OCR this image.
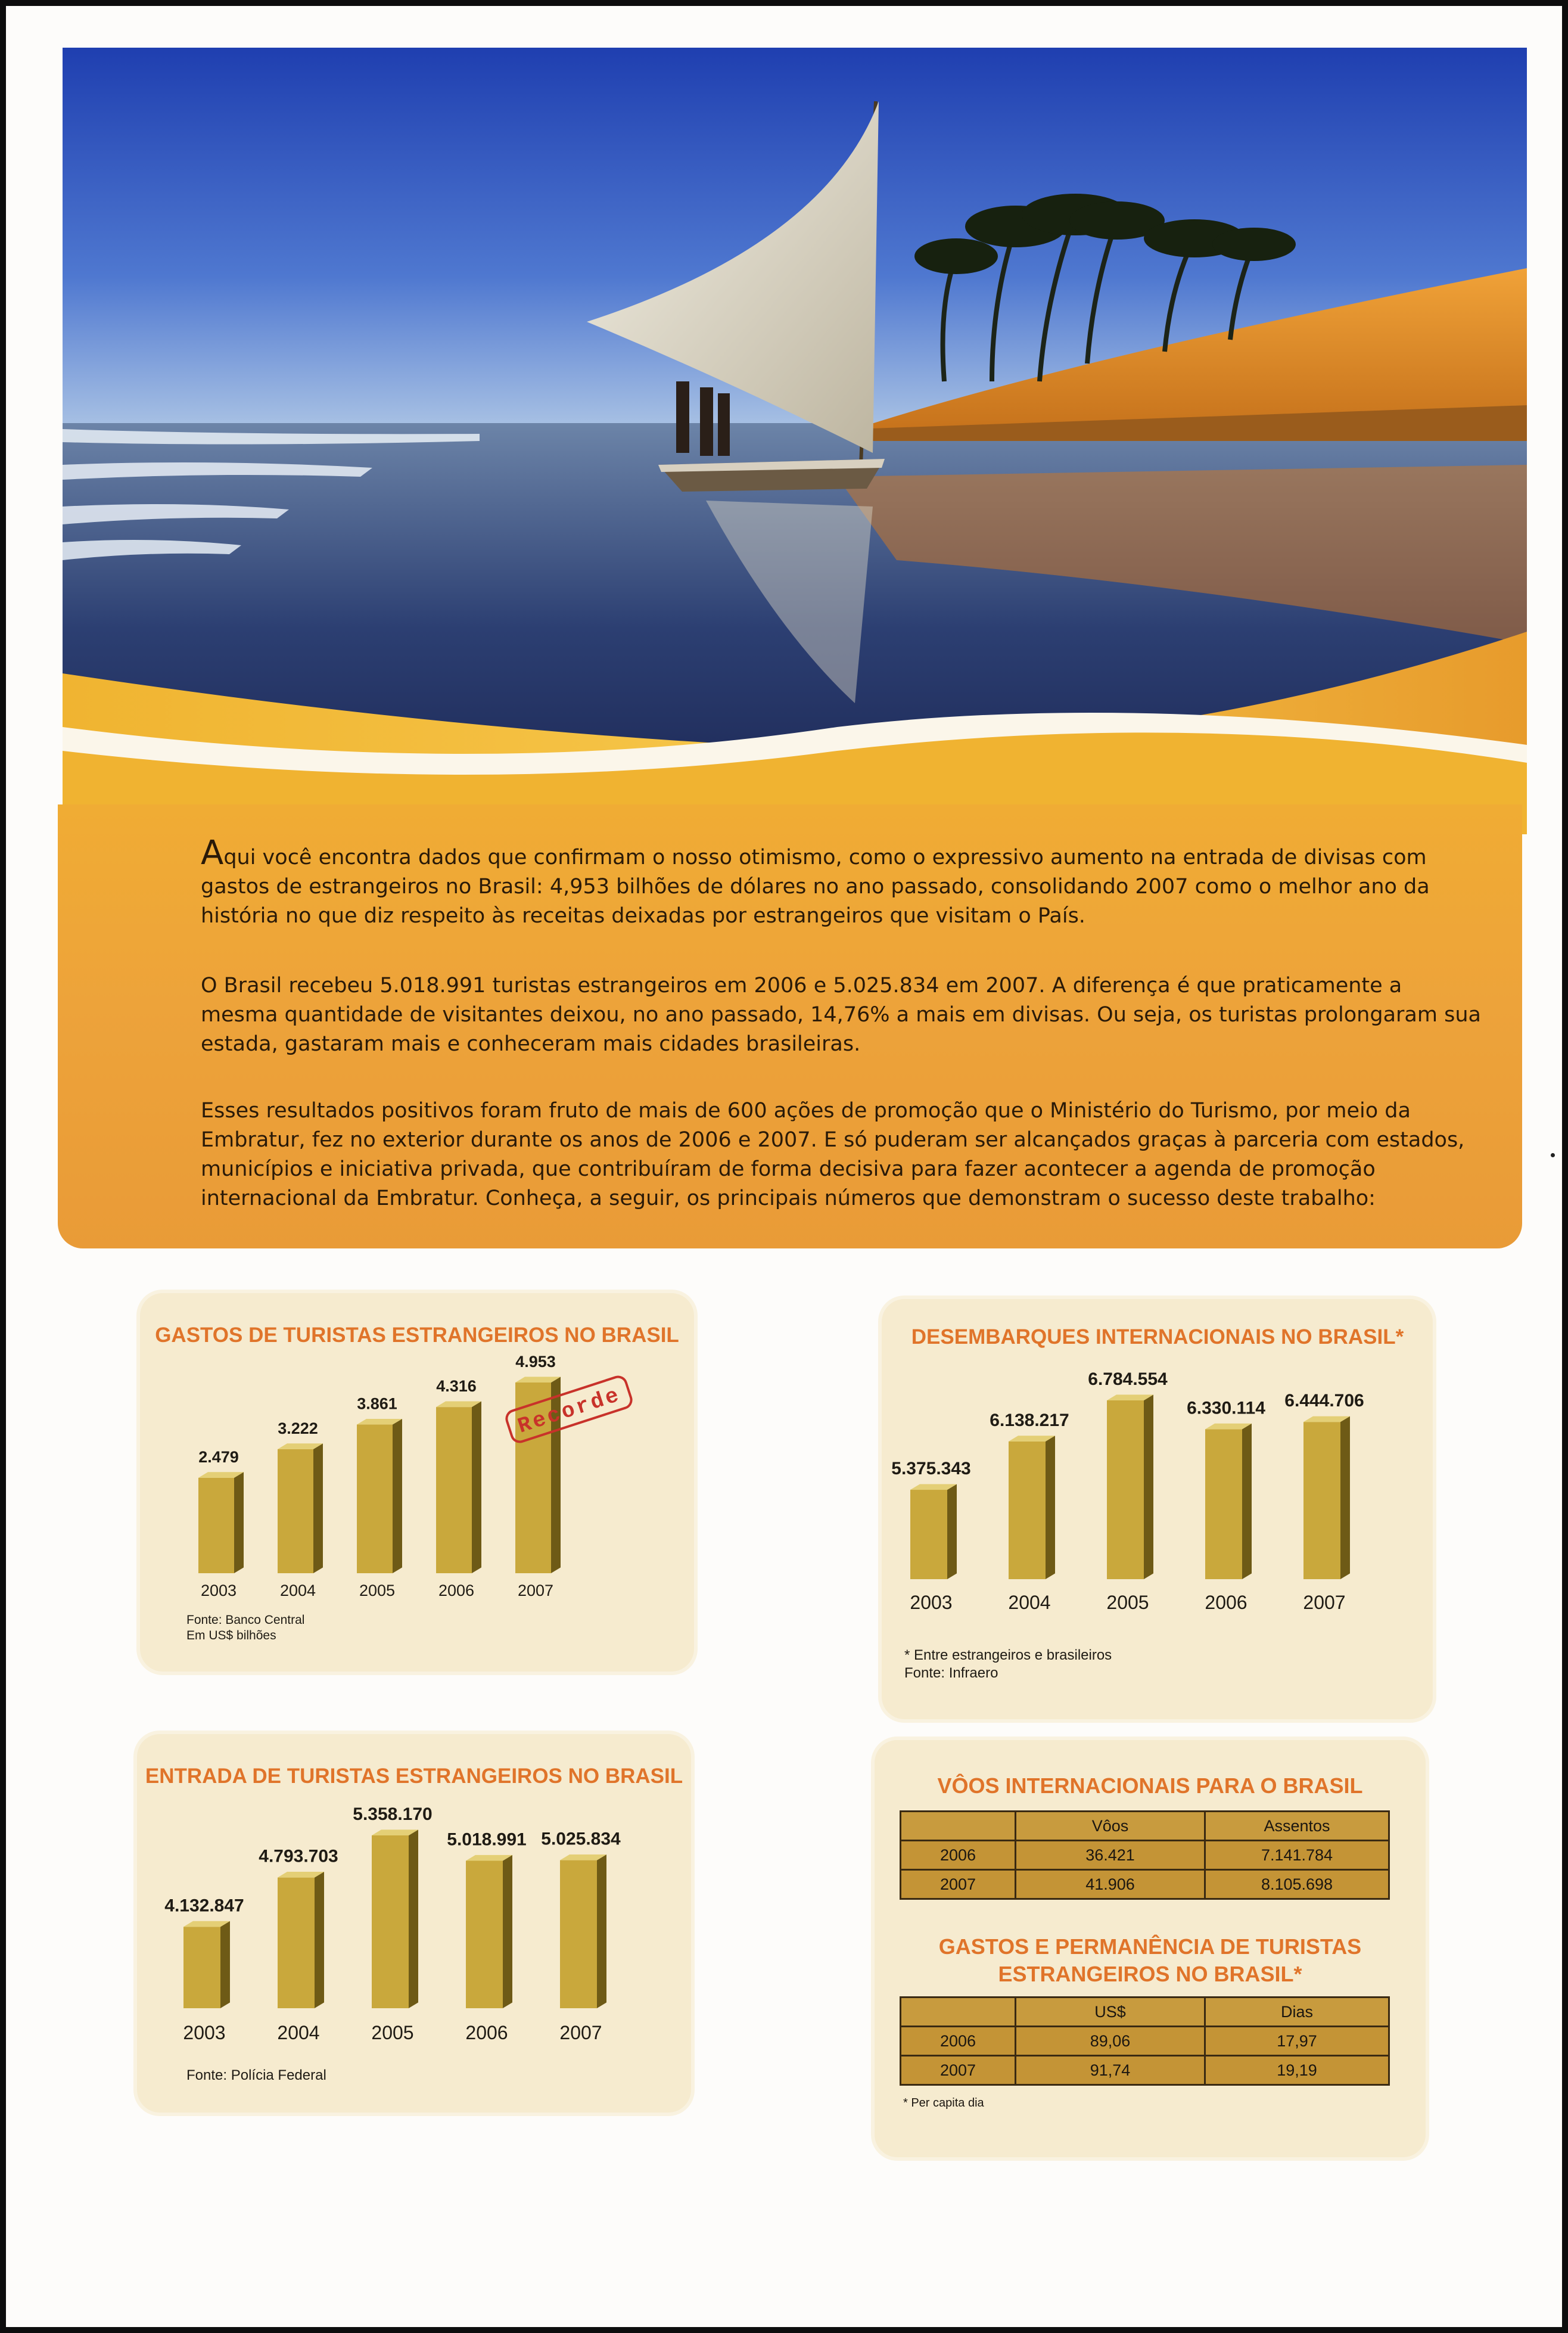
Aqui você encontra dados que confirmam o nosso otimismo, como o expressivo aumento na entrada de divisas com gastos de estrangeiros no Brasil: 4,953 bilhões de dólares no ano passado, consolidando 2007 como o melhor ano da história no que diz respeito às receitas deixadas por estrangeiros que visitam o País.

O Brasil recebeu 5.018.991 turistas estrangeiros em 2006 e 5.025.834 em 2007. A diferença é que praticamente a mesma quantidade de visitantes deixou, no ano passado, 14,76% a mais em divisas. Ou seja, os turistas prolongaram sua estada, gastaram mais e conheceram mais cidades brasileiras.

Esses resultados positivos foram fruto de mais de 600 ações de promoção que o Ministério do Turismo, por meio da Embratur, fez no exterior durante os anos de 2006 e 2007. E só puderam ser alcançados graças à parceria com estados, municípios e iniciativa privada, que contribuíram de forma decisiva para fazer acontecer a agenda de promoção internacional da Embratur. Conheça, a seguir, os principais números que demonstram o sucesso deste trabalho:

GASTOS DE TURISTAS ESTRANGEIROS NO BRASIL
2.479
2003
3.222
2004
3.861
2005
4.316
2006
4.953
2007
Recorde
Fonte: Banco Central
Em US$ bilhões
DESEMBARQUES INTERNACIONAIS NO BRASIL*
5.375.343
2003
6.138.217
2004
6.784.554
2005
6.330.114
2006
6.444.706
2007
* Entre estrangeiros e brasileiros
Fonte: Infraero
ENTRADA DE TURISTAS ESTRANGEIROS NO BRASIL
4.132.847
2003
4.793.703
2004
5.358.170
2005
5.018.991
2006
5.025.834
2007
Fonte: Polícia Federal

VÔOS INTERNACIONAIS PARA O BRASIL

	Vôos	Assentos
2006	36.421	7.141.784
2007	41.906	8.105.698

GASTOS E PERMANÊNCIA DE TURISTAS

ESTRANGEIROS NO BRASIL*

	US$	Dias
2006	89,06	17,97
2007	91,74	19,19

* Per capita dia
